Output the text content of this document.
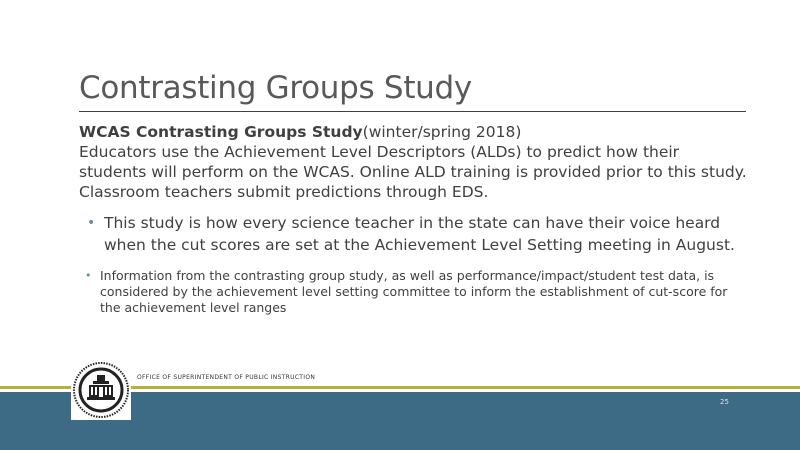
Contrasting Groups Study
WCAS Contrasting Groups Study(winter/spring 2018)
Educators use the Achievement Level Descriptors (ALDs) to predict how their students will perform on the WCAS. Online ALD training is provided prior to this study. Classroom teachers submit predictions through EDS.
• This study is how every science teacher in the state can have their voice heard when the cut scores are set at the Achievement Level Setting meeting in August.
• Information from the contrasting group study, as well as performance/impact/student test data, is considered by the achievement level setting committee to inform the establishment of cut-score for the achievement level ranges
OFFICE OF SUPERINTENDENT OF PUBLIC INSTRUCTION
25
